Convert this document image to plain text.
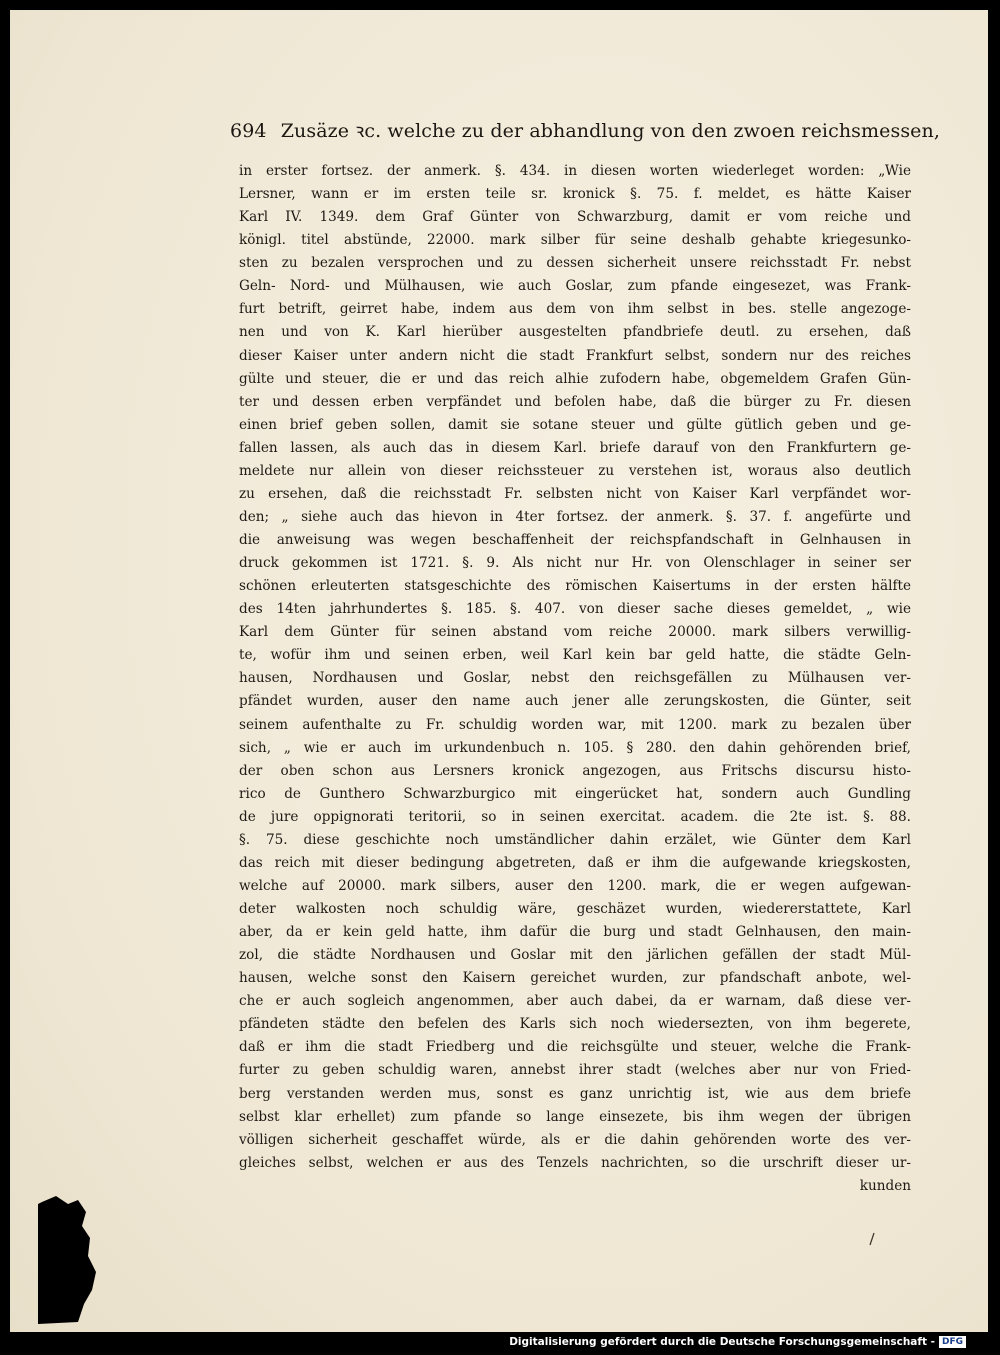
694 Zusäze ꝛc. welche zu der abhandlung von den zwoen reichsmessen,
in erster fortsez. der anmerk. §. 434. in diesen worten wiederleget worden: „Wie
Lersner, wann er im ersten teile sr. kronick §. 75. f. meldet, es hätte Kaiser
Karl IV. 1349. dem Graf Günter von Schwarzburg, damit er vom reiche und
königl. titel abstünde, 22000. mark silber für seine deshalb gehabte kriegesunko-
sten zu bezalen versprochen und zu dessen sicherheit unsere reichsstadt Fr. nebst
Geln- Nord- und Mülhausen, wie auch Goslar, zum pfande eingesezet, was Frank-
furt betrift, geirret habe, indem aus dem von ihm selbst in bes. stelle angezoge-
nen und von K. Karl hierüber ausgestelten pfandbriefe deutl. zu ersehen, daß
dieser Kaiser unter andern nicht die stadt Frankfurt selbst, sondern nur des reiches
gülte und steuer, die er und das reich alhie zufodern habe, obgemeldem Grafen Gün-
ter und dessen erben verpfändet und befolen habe, daß die bürger zu Fr. diesen
einen brief geben sollen, damit sie sotane steuer und gülte gütlich geben und ge-
fallen lassen, als auch das in diesem Karl. briefe darauf von den Frankfurtern ge-
meldete nur allein von dieser reichssteuer zu verstehen ist, woraus also deutlich
zu ersehen, daß die reichsstadt Fr. selbsten nicht von Kaiser Karl verpfändet wor-
den; „ siehe auch das hievon in 4ter fortsez. der anmerk. §. 37. f. angefürte und
die anweisung was wegen beschaffenheit der reichspfandschaft in Gelnhausen in
druck gekommen ist 1721. §. 9. Als nicht nur Hr. von Olenschlager in seiner ser
schönen erleuterten statsgeschichte des römischen Kaisertums in der ersten hälfte
des 14ten jahrhundertes §. 185. §. 407. von dieser sache dieses gemeldet, „ wie
Karl dem Günter für seinen abstand vom reiche 20000. mark silbers verwillig-
te, wofür ihm und seinen erben, weil Karl kein bar geld hatte, die städte Geln-
hausen, Nordhausen und Goslar, nebst den reichsgefällen zu Mülhausen ver-
pfändet wurden, auser den name auch jener alle zerungskosten, die Günter, seit
seinem aufenthalte zu Fr. schuldig worden war, mit 1200. mark zu bezalen über
sich, „ wie er auch im urkundenbuch n. 105. § 280. den dahin gehörenden brief,
der oben schon aus Lersners kronick angezogen, aus Fritschs discursu histo-
rico de Gunthero Schwarzburgico mit eingerücket hat, sondern auch Gundling
de jure oppignorati teritorii, so in seinen exercitat. academ. die 2te ist. §. 88.
§. 75. diese geschichte noch umständlicher dahin erzälet, wie Günter dem Karl
das reich mit dieser bedingung abgetreten, daß er ihm die aufgewande kriegskosten,
welche auf 20000. mark silbers, auser den 1200. mark, die er wegen aufgewan-
deter walkosten noch schuldig wäre, geschäzet wurden, wiedererstattete, Karl
aber, da er kein geld hatte, ihm dafür die burg und stadt Gelnhausen, den main-
zol, die städte Nordhausen und Goslar mit den järlichen gefällen der stadt Mül-
hausen, welche sonst den Kaisern gereichet wurden, zur pfandschaft anbote, wel-
che er auch sogleich angenommen, aber auch dabei, da er warnam, daß diese ver-
pfändeten städte den befelen des Karls sich noch wiedersezten, von ihm begerete,
daß er ihm die stadt Friedberg und die reichsgülte und steuer, welche die Frank-
furter zu geben schuldig waren, annebst ihrer stadt (welches aber nur von Fried-
berg verstanden werden mus, sonst es ganz unrichtig ist, wie aus dem briefe
selbst klar erhellet) zum pfande so lange einsezete, bis ihm wegen der übrigen
völligen sicherheit geschaffet würde, als er die dahin gehörenden worte des ver-
gleiches selbst, welchen er aus des Tenzels nachrichten, so die urschrift dieser ur-
kunden
Digitalisierung gefördert durch die Deutsche Forschungsgemeinschaft - DFG
